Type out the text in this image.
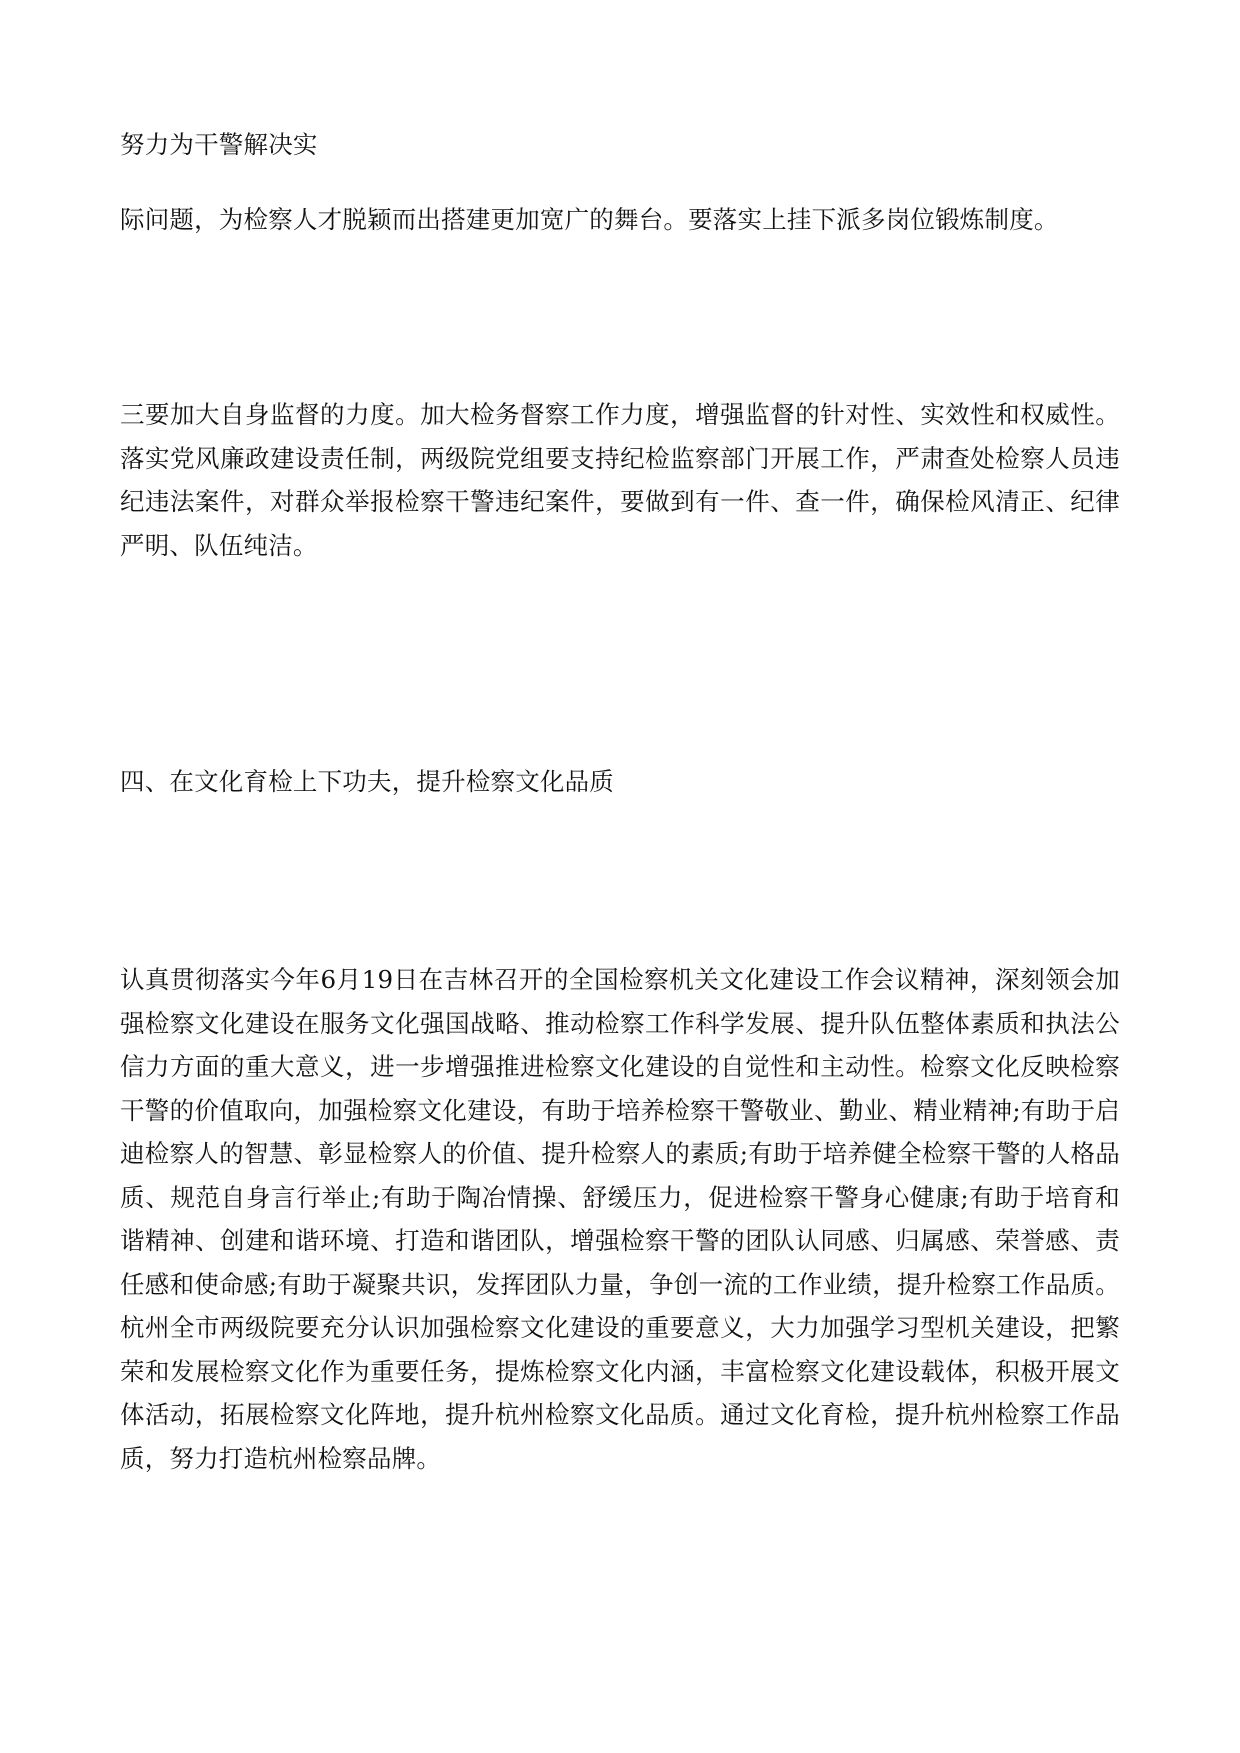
努力为干警解决实

际问题，为检察人才脱颖而出搭建更加宽广的舞台。要落实上挂下派多岗位锻炼制度。

三要加大自身监督的力度。加大检务督察工作力度，增强监督的针对性、实效性和权威性。落实党风廉政建设责任制，两级院党组要支持纪检监察部门开展工作，严肃查处检察人员违纪违法案件，对群众举报检察干警违纪案件，要做到有一件、查一件，确保检风清正、纪律严明、队伍纯洁。

四、在文化育检上下功夫，提升检察文化品质

认真贯彻落实今年6月19日在吉林召开的全国检察机关文化建设工作会议精神，深刻领会加强检察文化建设在服务文化强国战略、推动检察工作科学发展、提升队伍整体素质和执法公信力方面的重大意义，进一步增强推进检察文化建设的自觉性和主动性。检察文化反映检察干警的价值取向，加强检察文化建设，有助于培养检察干警敬业、勤业、精业精神;有助于启迪检察人的智慧、彰显检察人的价值、提升检察人的素质;有助于培养健全检察干警的人格品质、规范自身言行举止;有助于陶冶情操、舒缓压力，促进检察干警身心健康;有助于培育和谐精神、创建和谐环境、打造和谐团队，增强检察干警的团队认同感、归属感、荣誉感、责任感和使命感;有助于凝聚共识，发挥团队力量，争创一流的工作业绩，提升检察工作品质。杭州全市两级院要充分认识加强检察文化建设的重要意义，大力加强学习型机关建设，把繁荣和发展检察文化作为重要任务，提炼检察文化内涵，丰富检察文化建设载体，积极开展文体活动，拓展检察文化阵地，提升杭州检察文化品质。通过文化育检，提升杭州检察工作品质，努力打造杭州检察品牌。
